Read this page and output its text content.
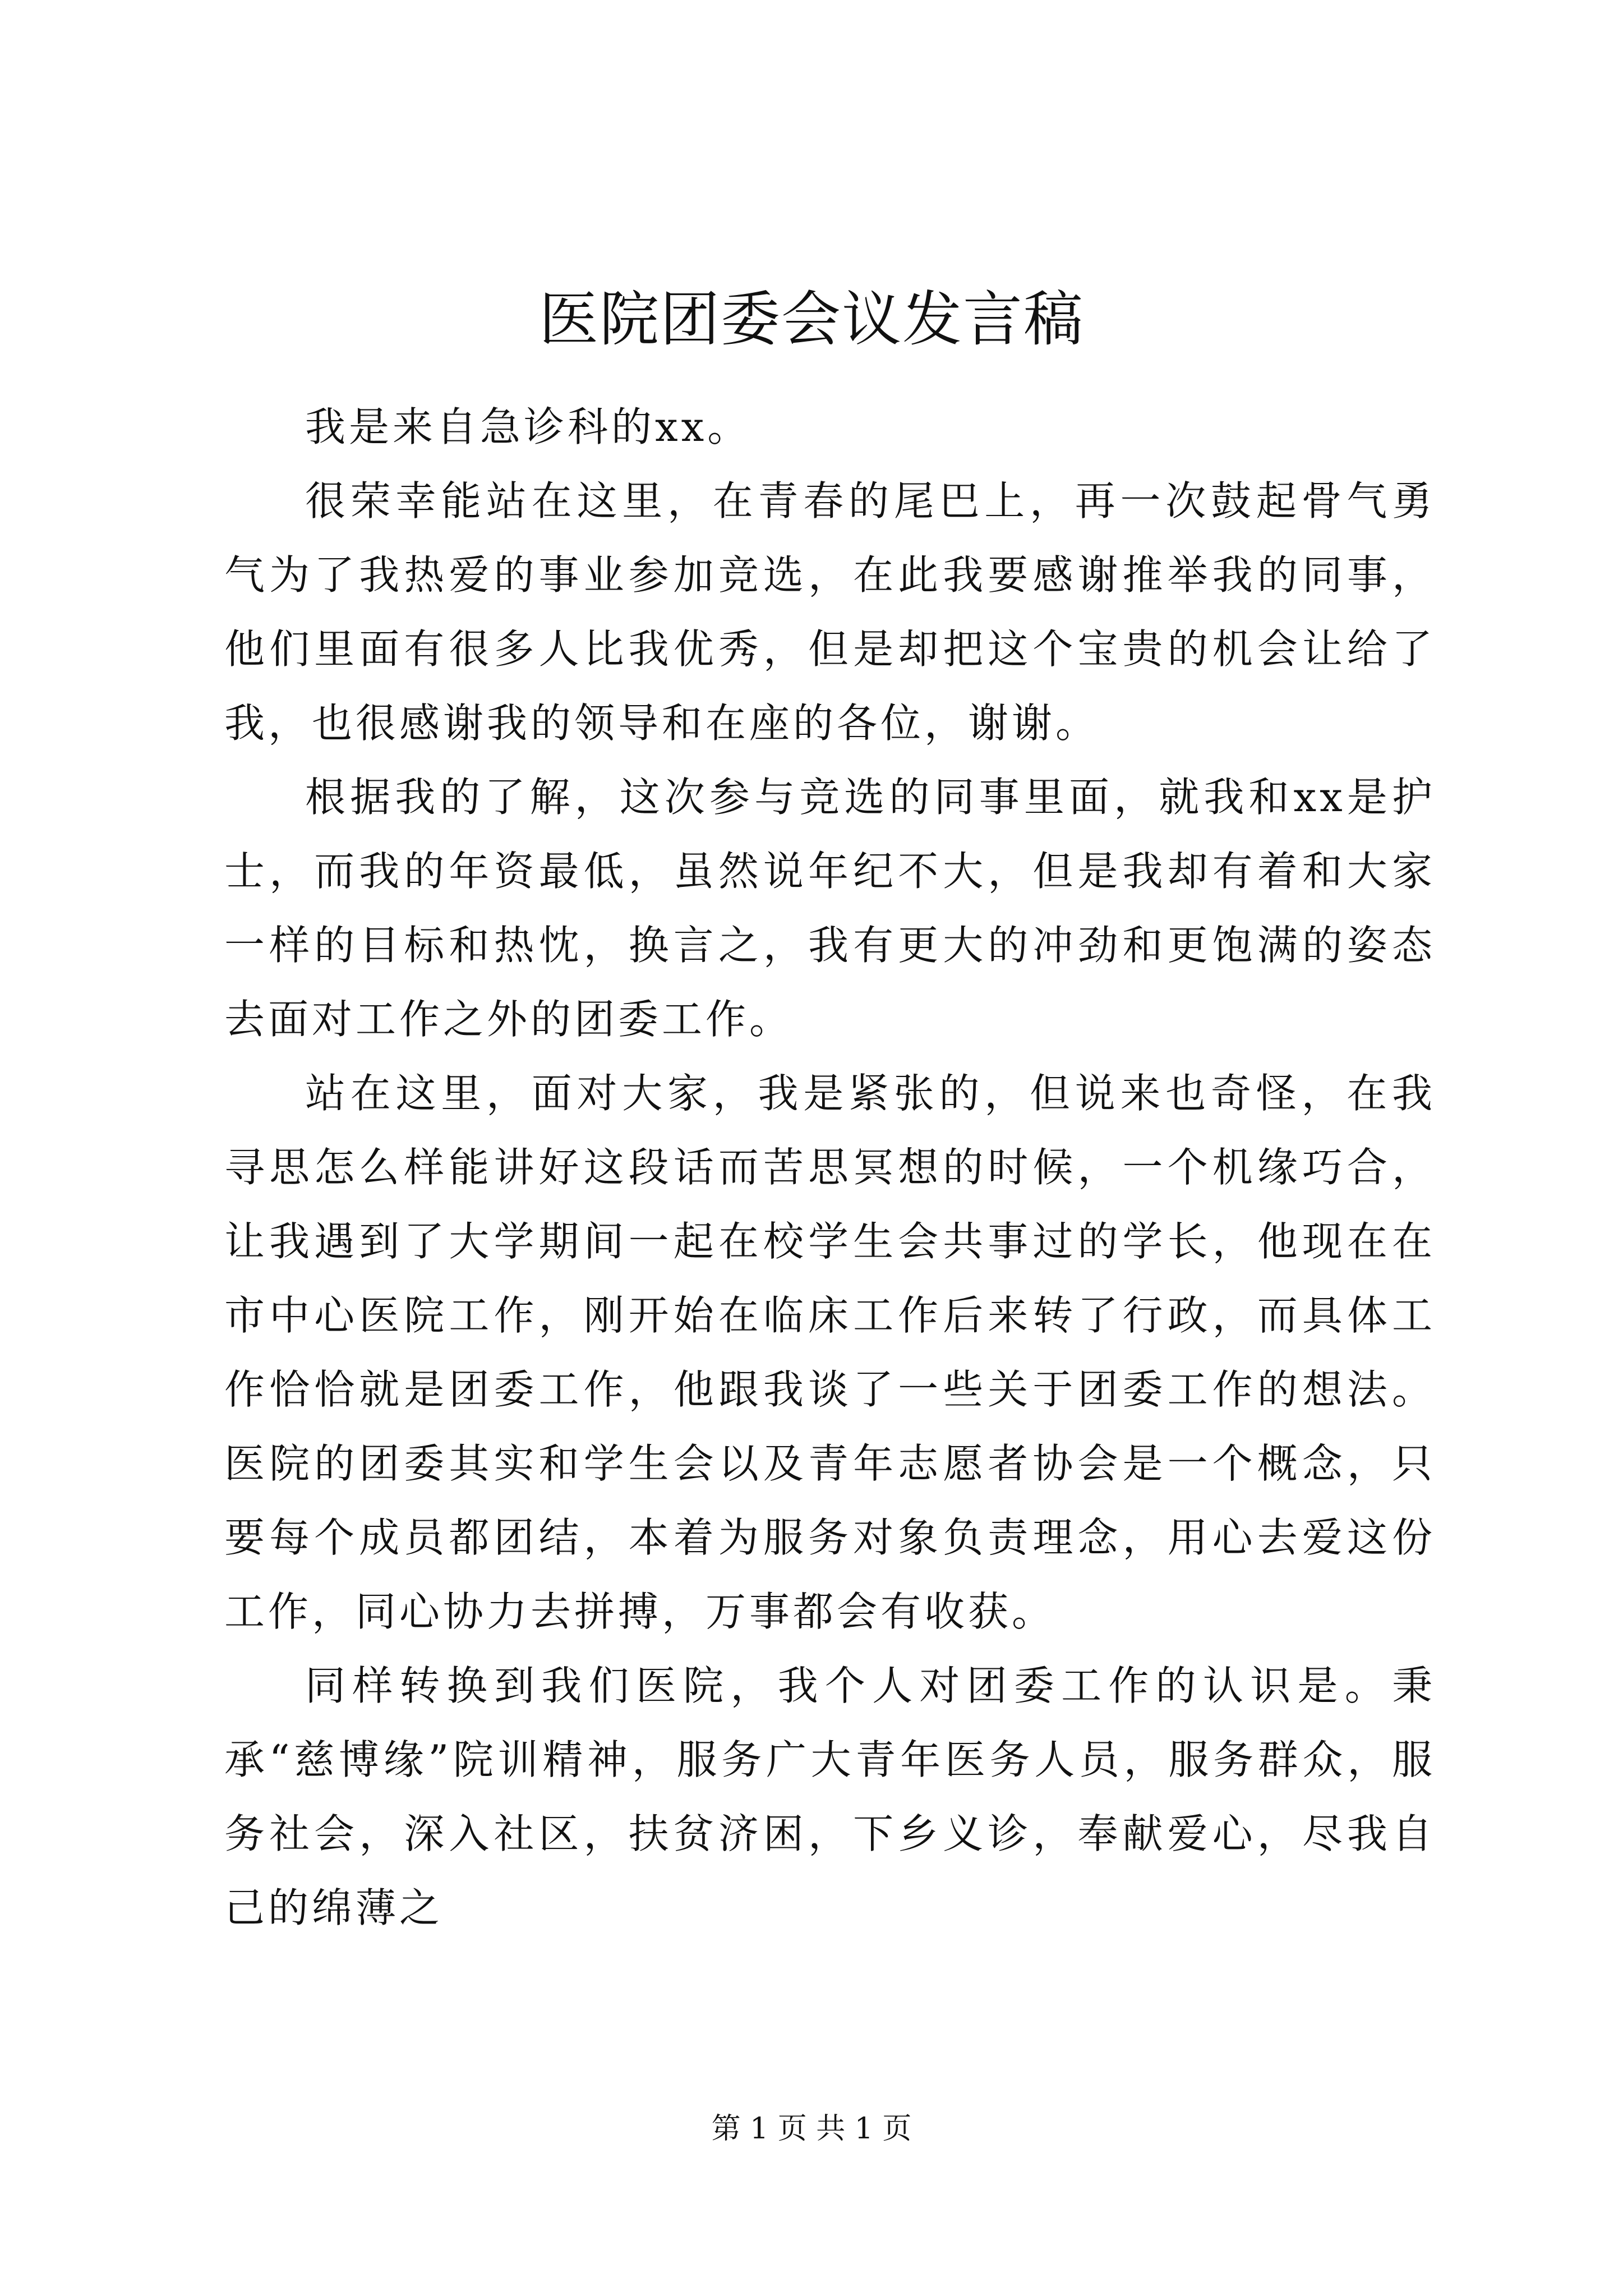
医院团委会议发言稿

我是来自急诊科的xx。

很荣幸能站在这里，在青春的尾巴上，再一次鼓起骨气勇气为了我热爱的事业参加竞选，在此我要感谢推举我的同事，他们里面有很多人比我优秀，但是却把这个宝贵的机会让给了我，也很感谢我的领导和在座的各位，谢谢。

根据我的了解，这次参与竞选的同事里面，就我和xx是护士，而我的年资最低，虽然说年纪不大，但是我却有着和大家一样的目标和热忱，换言之，我有更大的冲劲和更饱满的姿态去面对工作之外的团委工作。

站在这里，面对大家，我是紧张的，但说来也奇怪，在我寻思怎么样能讲好这段话而苦思冥想的时候，一个机缘巧合，让我遇到了大学期间一起在校学生会共事过的学长，他现在在市中心医院工作，刚开始在临床工作后来转了行政，而具体工作恰恰就是团委工作，他跟我谈了一些关于团委工作的想法。医院的团委其实和学生会以及青年志愿者协会是一个概念，只要每个成员都团结，本着为服务对象负责理念，用心去爱这份工作，同心协力去拼搏，万事都会有收获。

同样转换到我们医院，我个人对团委工作的认识是。秉承“慈博缘”院训精神，服务广大青年医务人员，服务群众，服务社会，深入社区，扶贫济困，下乡义诊，奉献爱心，尽我自己的绵薄之

第 1 页 共 1 页
